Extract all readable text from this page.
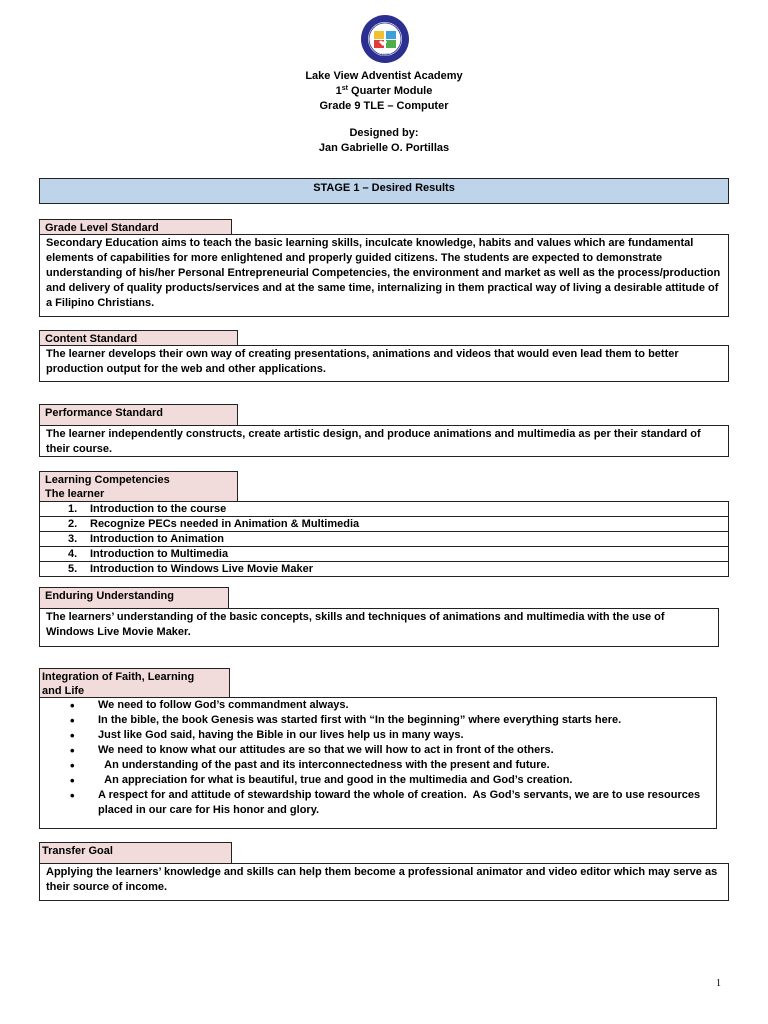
1928
Lake View Adventist Academy
1st Quarter Module
Grade 9 TLE – Computer
Designed by:
Jan Gabrielle O. Portillas
STAGE 1 – Desired Results
Grade Level Standard
Secondary Education aims to teach the basic learning skills, inculcate knowledge, habits and values which are fundamental elements of capabilities for more enlightened and properly guided citizens. The students are expected to demonstrate understanding of his/her Personal Entrepreneurial Competencies, the environment and market as well as the process/production and delivery of quality products/services and at the same time, internalizing in them practical way of living a desirable attitude of a Filipino Christians.
Content Standard
The learner develops their own way of creating presentations, animations and videos that would even lead them to better production output for the web and other applications.
Performance Standard
The learner independently constructs, create artistic design, and produce animations and multimedia as per their standard of their course.
Learning Competencies
The learner
1.	Introduction to the course
2.	Recognize PECs needed in Animation & Multimedia
3.	Introduction to Animation
4.	Introduction to Multimedia
5.	Introduction to Windows Live Movie Maker
Enduring Understanding
The learners’ understanding of the basic concepts, skills and techniques of animations and multimedia with the use of Windows Live Movie Maker.
Integration of Faith, Learning
and Life
• We need to follow God’s commandment always.
• In the bible, the book Genesis was started first with “In the beginning” where everything starts here.
• Just like God said, having the Bible in our lives help us in many ways.
• We need to know what our attitudes are so that we will how to act in front of the others.
•   An understanding of the past and its interconnectedness with the present and future.
•   An appreciation for what is beautiful, true and good in the multimedia and God’s creation.
• A respect for and attitude of stewardship toward the whole of creation.  As God’s servants, we are to use resources placed in our care for His honor and glory.
Transfer Goal
Applying the learners’ knowledge and skills can help them become a professional animator and video editor which may serve as their source of income.
1
